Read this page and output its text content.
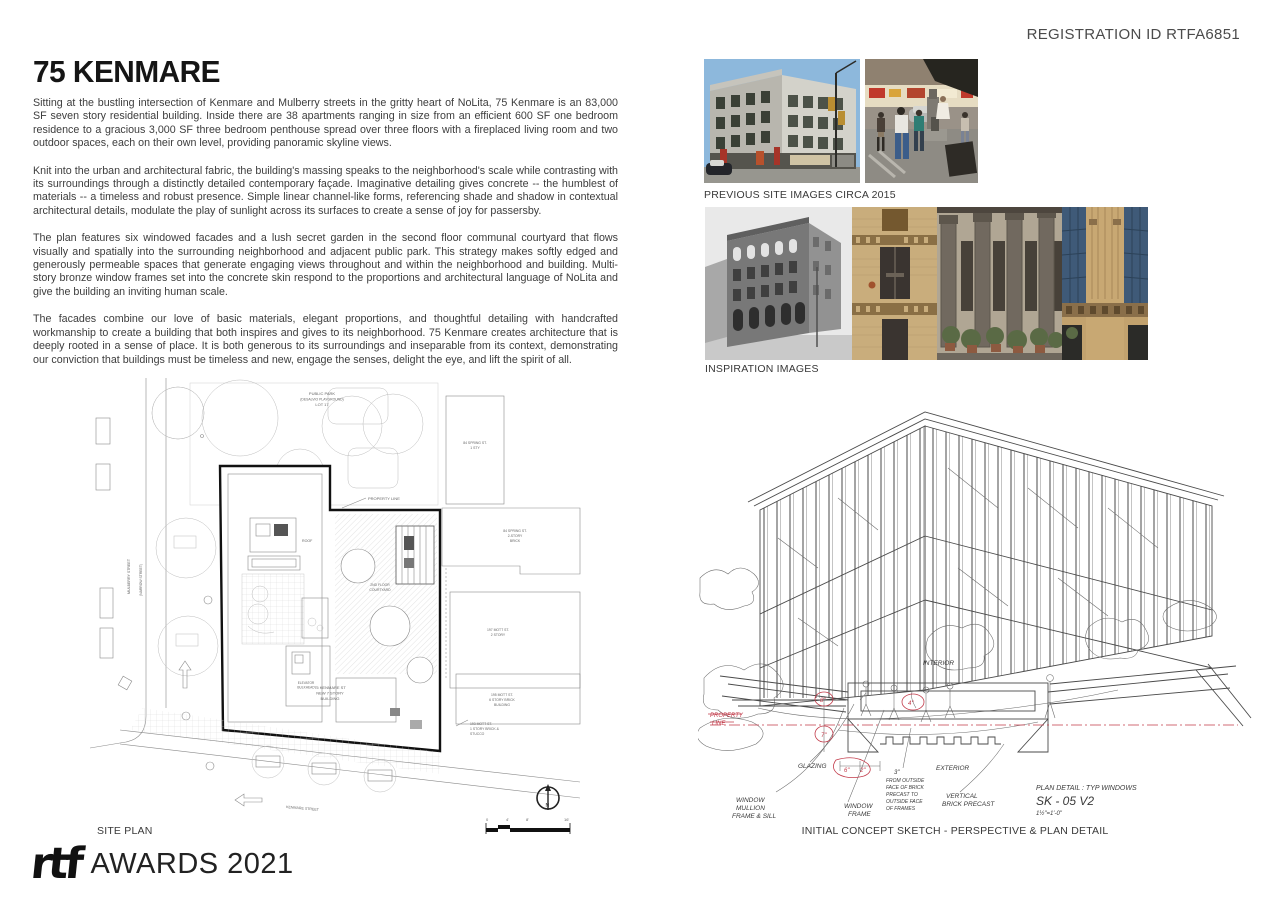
REGISTRATION ID RTFA6851
75 KENMARE

Sitting at the bustling intersection of Kenmare and Mulberry streets in the gritty heart of NoLita, 75 Kenmare is an 83,000 SF seven story residential building. Inside there are 38 apartments ranging in size from an efficient 600 SF one bedroom residence to a gracious 3,000 SF three bedroom penthouse spread over three floors with a fireplaced living room and two outdoor spaces, each on their own level, providing panoramic skyline views.

Knit into the urban and architectural fabric, the building's massing speaks to the neighborhood's scale while contrasting with its surroundings through a distinctly detailed contemporary façade. Imaginative detailing gives concrete -- the humblest of materials -- a timeless and robust presence. Simple linear channel-like forms, referencing shade and shadow in contextual architectural details, modulate the play of sunlight across its surfaces to create a sense of joy for passersby.

The plan features six windowed facades and a lush secret garden in the second floor communal courtyard that flows visually and spatially into the surrounding neighborhood and adjacent public park. This strategy makes softly edged and generously permeable spaces that generate engaging views throughout and within the neighborhood and building. Multi-story bronze window frames set into the concrete skin respond to the proportions and architectural language of NoLita and give the building an inviting human scale.

The facades combine our love of basic materials, elegant proportions, and thoughtful detailing with handcrafted workmanship to create a building that both inspires and gives to its neighborhood. 75 Kenmare creates architecture that is deeply rooted in a sense of place. It is both generous to its surroundings and inseparable from its context, demonstrating our conviction that buildings must be timeless and new, engage the senses, delight the eye, and lift the spirit of all.

PREVIOUS SITE IMAGES CIRCA 2015
INSPIRATION IMAGES
PUBLIC PARK
(DESALVIO PLAYGROUND)
LOT 17
MULBERRY STREET (NARROW STREET)
ROOF
ELEVATOR
BULKHEAD
2ND FLOOR
COURTYARD
75 KENMARE ST
NEW 7 STORY
BUILDING
PROPERTY LINE
84 SPRING ST.
1 STY
84 SPRING ST.
2-STORY
BRICK
197 MOTT ST.
2 STORY
195 MOTT ST.
6 STORY BRICK
BUILDING
193 MOTT ST.
1 STORY BRICK &
STUCCO
KENMARE STREET	N
0	4'	8'	16'
SITE PLAN
INTERIOR
PROPERTY
LINE
8"
7"
4"
6" 2"
GLAZING
WINDOW
MULLION
FRAME & SILL
WINDOW
FRAME
3"
FROM OUTSIDE
FACE OF BRICK
PRECAST TO
OUTSIDE FACE
OF FRAMES
EXTERIOR
VERTICAL
BRICK PRECAST
PLAN DETAIL : TYP WINDOWS
SK - 05 V2
1½"=1'-0"
INITIAL CONCEPT SKETCH - PERSPECTIVE & PLAN DETAIL
rtf AWARDS 2021
